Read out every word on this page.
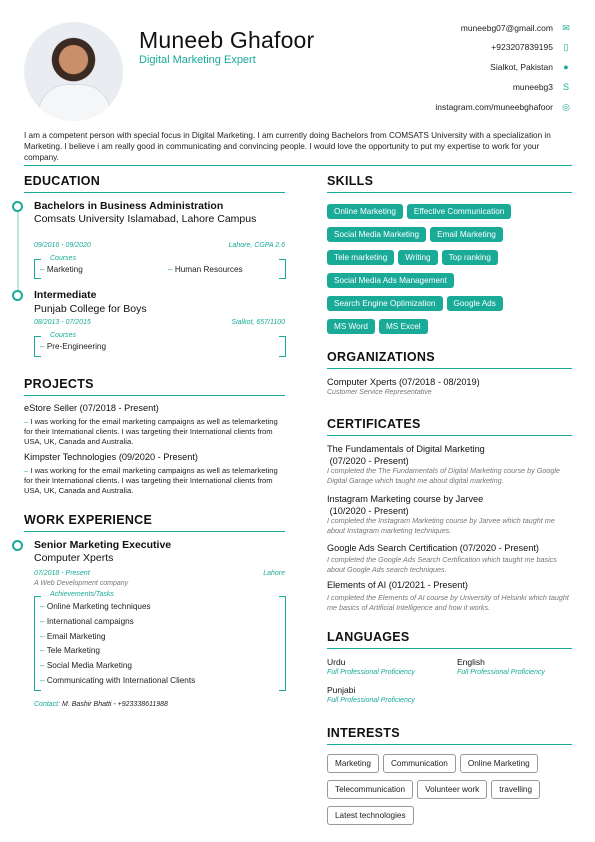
Muneeb Ghafoor
Digital Marketing Expert
muneebg07@gmail.com ✉
+923207839195 ▯
Sialkot, Pakistan ●
muneebg3 S
instagram.com/muneebghafoor ◎
I am a competent person with special focus in Digital Marketing. I am currently doing Bachelors from COMSATS University with a specialization in Marketing. I believe i am really good in communicating and convincing people. I would love the opportunity to put my expertise to work for your company.
EDUCATION
Bachelors in Business Administration
Comsats University Islamabad, Lahore Campus
09/2016 - 09/2020	Lahore, CGPA 2.6
Courses
– Marketing
–	Human Resources
Intermediate
Punjab College for Boys
08/2013 - 07/2015	Sialkot, 657/1100
Courses
– Pre-Engineering
PROJECTS
eStore Seller (07/2018 - Present)
– I was working for the email marketing campaigns as well as telemarketing for their International clients. I was targeting their International clients from USA, UK, Canada and Australia.
Kimpster Technologies (09/2020 - Present)
– I was working for the email marketing campaigns as well as telemarketing for their International clients. I was targeting their International clients from USA, UK, Canada and Australia.
WORK EXPERIENCE
Senior Marketing Executive
Computer Xperts
07/2018 - Present	Lahore
A Web Development company
Achievements/Tasks
– Online Marketing techniques
– International campaigns
– Email Marketing
– Tele Marketing
– Social Media Marketing
– Communicating with International Clients
Contact: M. Bashir Bhatti - +923338611988
SKILLS
Online Marketing Effective Communication
Social Media Marketing Email Marketing
Tele marketing Writing Top ranking
Social Media Ads Management
Search Engine Optimization Google Ads
MS Word MS Excel
ORGANIZATIONS
Computer Xperts (07/2018 - 08/2019)
Customer Service Representative
CERTIFICATES
The Fundamentals of Digital Marketing
(07/2020 - Present)
I completed the The Fundamentals of Digital Marketing course by Google Digital Garage which taught me about digital marketing.
Instagram Marketing course by Jarvee
(10/2020 - Present)
I completed the Instagram Marketing course by Jarvee which taught me about Instagram marketing techniques.
Google Ads Search Certification (07/2020 - Present)
I completed the Google Ads Search Certification which taught me basics about Google Ads search techniques.
Elements of AI (01/2021 - Present)
I completed the Elements of AI course by University of Helsinki which taught me basics of Artificial Intelligence and how it works.
LANGUAGES
Urdu
Full Professional Proficiency
English
Full Professional Proficiency
Punjabi
Full Professional Proficiency
INTERESTS
Marketing Communication Online Marketing
Telecommunication Volunteer work travelling
Latest technologies
